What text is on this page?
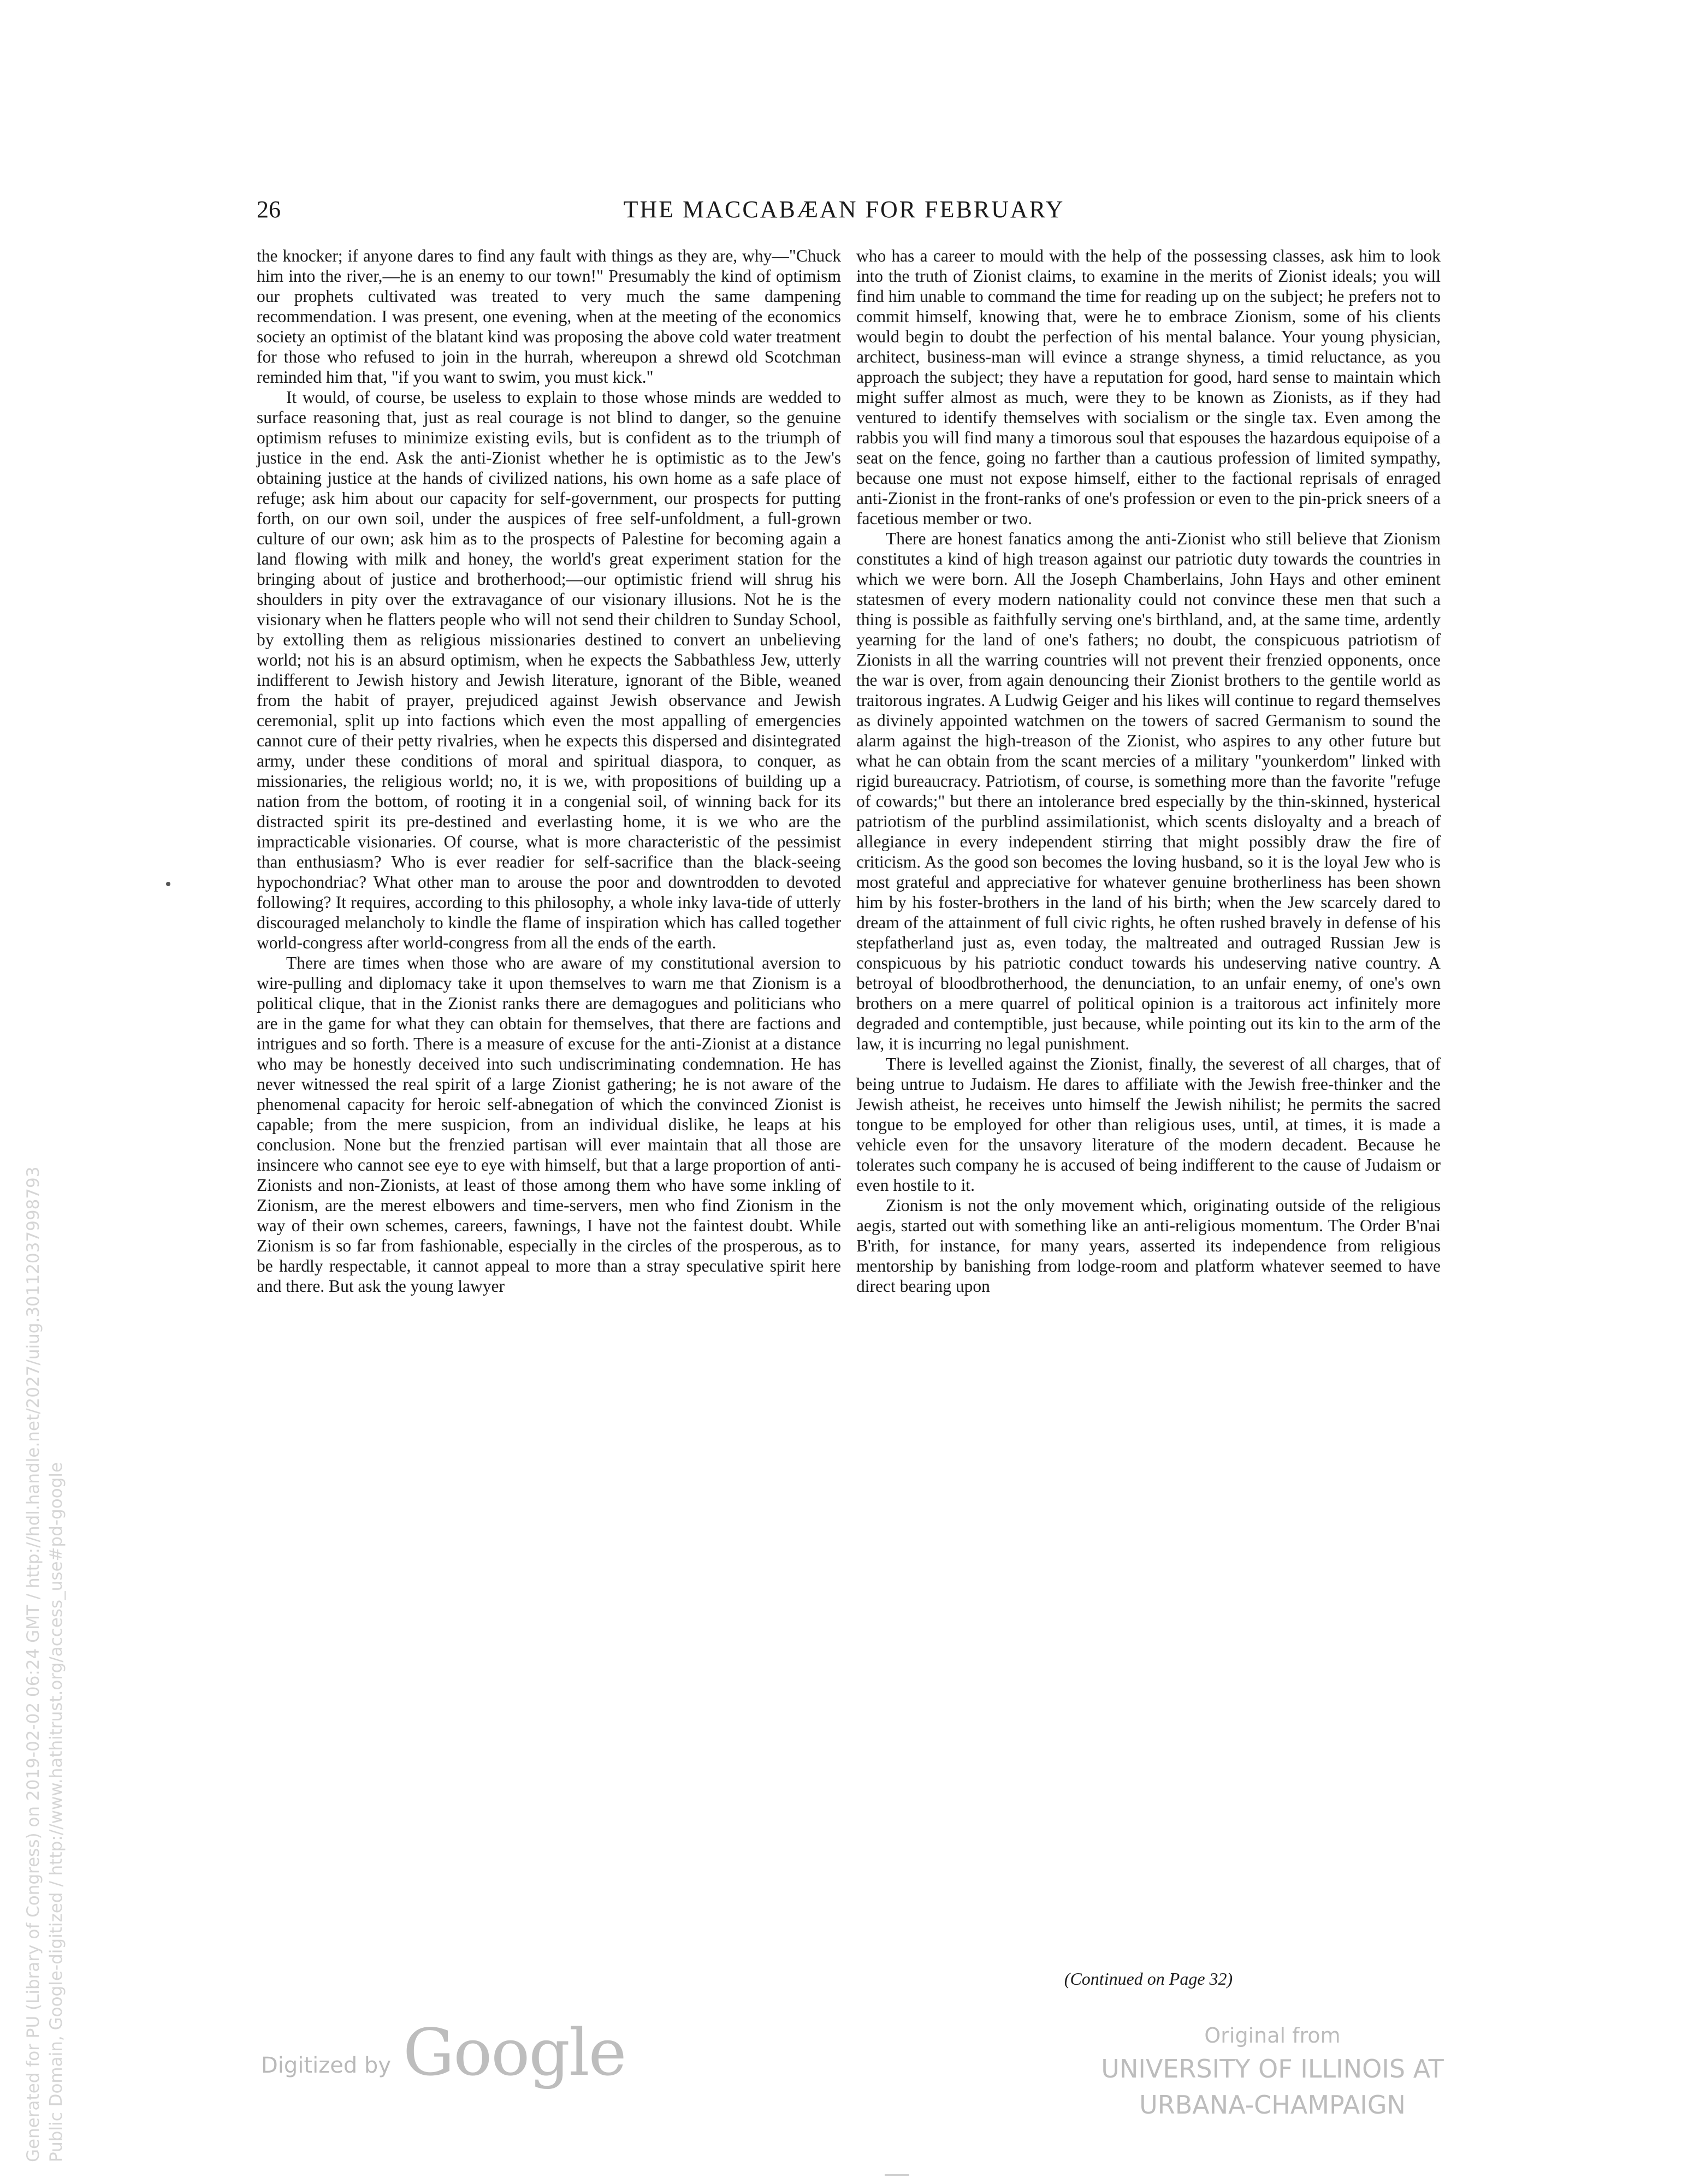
26	THE MACCABÆAN FOR FEBRUARY

the knocker; if anyone dares to find any fault with things as they are, why—"Chuck him into the river,—he is an enemy to our town!" Presumably the kind of optimism our prophets cultivated was treated to very much the same dampening recommendation. I was present, one evening, when at the meeting of the economics society an optimist of the blatant kind was proposing the above cold water treatment for those who refused to join in the hurrah, whereupon a shrewd old Scotchman reminded him that, "if you want to swim, you must kick."

It would, of course, be useless to explain to those whose minds are wedded to surface reasoning that, just as real courage is not blind to danger, so the genuine optimism refuses to minimize existing evils, but is confident as to the triumph of justice in the end. Ask the anti-Zionist whether he is optimistic as to the Jew's obtaining justice at the hands of civilized nations, his own home as a safe place of refuge; ask him about our capacity for self-government, our prospects for putting forth, on our own soil, under the auspices of free self-unfoldment, a full-grown culture of our own; ask him as to the prospects of Palestine for becoming again a land flowing with milk and honey, the world's great experiment station for the bringing about of justice and brotherhood;—our optimistic friend will shrug his shoulders in pity over the extravagance of our visionary illusions. Not he is the visionary when he flatters people who will not send their children to Sunday School, by extolling them as religious missionaries destined to convert an unbelieving world; not his is an absurd optimism, when he expects the Sabbathless Jew, utterly indifferent to Jewish history and Jewish literature, ignorant of the Bible, weaned from the habit of prayer, prejudiced against Jewish observance and Jewish ceremonial, split up into factions which even the most appalling of emergencies cannot cure of their petty rivalries, when he expects this dispersed and disintegrated army, under these conditions of moral and spiritual diaspora, to conquer, as missionaries, the religious world; no, it is we, with propositions of building up a nation from the bottom, of rooting it in a congenial soil, of winning back for its distracted spirit its pre-destined and everlasting home, it is we who are the impracticable visionaries. Of course, what is more characteristic of the pessimist than enthusiasm? Who is ever readier for self-sacrifice than the black-seeing hypochondriac? What other man to arouse the poor and downtrodden to devoted following? It requires, according to this philosophy, a whole inky lava-tide of utterly discouraged melancholy to kindle the flame of inspiration which has called together world-congress after world-congress from all the ends of the earth.

There are times when those who are aware of my constitutional aversion to wire-pulling and diplomacy take it upon themselves to warn me that Zionism is a political clique, that in the Zionist ranks there are demagogues and politicians who are in the game for what they can obtain for themselves, that there are factions and intrigues and so forth. There is a measure of excuse for the anti-Zionist at a distance who may be honestly deceived into such undiscriminating condemnation. He has never witnessed the real spirit of a large Zionist gathering; he is not aware of the phenomenal capacity for heroic self-abnegation of which the convinced Zionist is capable; from the mere suspicion, from an individual dislike, he leaps at his conclusion. None but the frenzied partisan will ever maintain that all those are insincere who cannot see eye to eye with himself, but that a large proportion of anti-Zionists and non-Zionists, at least of those among them who have some inkling of Zionism, are the merest elbowers and time-servers, men who find Zionism in the way of their own schemes, careers, fawnings, I have not the faintest doubt. While Zionism is so far from fashionable, especially in the circles of the prosperous, as to be hardly respectable, it cannot appeal to more than a stray speculative spirit here and there. But ask the young lawyer

who has a career to mould with the help of the possessing classes, ask him to look into the truth of Zionist claims, to examine in the merits of Zionist ideals; you will find him unable to command the time for reading up on the subject; he prefers not to commit himself, knowing that, were he to embrace Zionism, some of his clients would begin to doubt the perfection of his mental balance. Your young physician, architect, business-man will evince a strange shyness, a timid reluctance, as you approach the subject; they have a reputation for good, hard sense to maintain which might suffer almost as much, were they to be known as Zionists, as if they had ventured to identify themselves with socialism or the single tax. Even among the rabbis you will find many a timorous soul that espouses the hazardous equipoise of a seat on the fence, going no farther than a cautious profession of limited sympathy, because one must not expose himself, either to the factional reprisals of enraged anti-Zionist in the front-ranks of one's profession or even to the pin-prick sneers of a facetious member or two.

There are honest fanatics among the anti-Zionist who still believe that Zionism constitutes a kind of high treason against our patriotic duty towards the countries in which we were born. All the Joseph Chamberlains, John Hays and other eminent statesmen of every modern nationality could not convince these men that such a thing is possible as faithfully serving one's birthland, and, at the same time, ardently yearning for the land of one's fathers; no doubt, the conspicuous patriotism of Zionists in all the warring countries will not prevent their frenzied opponents, once the war is over, from again denouncing their Zionist brothers to the gentile world as traitorous ingrates. A Ludwig Geiger and his likes will continue to regard themselves as divinely appointed watchmen on the towers of sacred Germanism to sound the alarm against the high-treason of the Zionist, who aspires to any other future but what he can obtain from the scant mercies of a military "younkerdom" linked with rigid bureaucracy. Patriotism, of course, is something more than the favorite "refuge of cowards;" but there an intolerance bred especially by the thin-skinned, hysterical patriotism of the purblind assimilationist, which scents disloyalty and a breach of allegiance in every independent stirring that might possibly draw the fire of criticism. As the good son becomes the loving husband, so it is the loyal Jew who is most grateful and appreciative for whatever genuine brotherliness has been shown him by his foster-brothers in the land of his birth; when the Jew scarcely dared to dream of the attainment of full civic rights, he often rushed bravely in defense of his stepfatherland just as, even today, the maltreated and outraged Russian Jew is conspicuous by his patriotic conduct towards his undeserving native country. A betroyal of bloodbrotherhood, the denunciation, to an unfair enemy, of one's own brothers on a mere quarrel of political opinion is a traitorous act infinitely more degraded and contemptible, just because, while pointing out its kin to the arm of the law, it is incurring no legal punishment.

There is levelled against the Zionist, finally, the severest of all charges, that of being untrue to Judaism. He dares to affiliate with the Jewish free-thinker and the Jewish atheist, he receives unto himself the Jewish nihilist; he permits the sacred tongue to be employed for other than religious uses, until, at times, it is made a vehicle even for the unsavory literature of the modern decadent. Because he tolerates such company he is accused of being indifferent to the cause of Judaism or even hostile to it.

Zionism is not the only movement which, originating outside of the religious aegis, started out with something like an anti-religious momentum. The Order B'nai B'rith, for instance, for many years, asserted its independence from religious mentorship by banishing from lodge-room and platform whatever seemed to have direct bearing upon

(Continued on Page 32)
Generated for PU (Library of Congress) on 2019-02-02 06:24 GMT / http://hdl.handle.net/2027/uiug.30112037998793 Public Domain, Google-digitized / http://www.hathitrust.org/access_use#pd-google	Digitized by Google	Original from
UNIVERSITY OF ILLINOIS AT
URBANA-CHAMPAIGN
